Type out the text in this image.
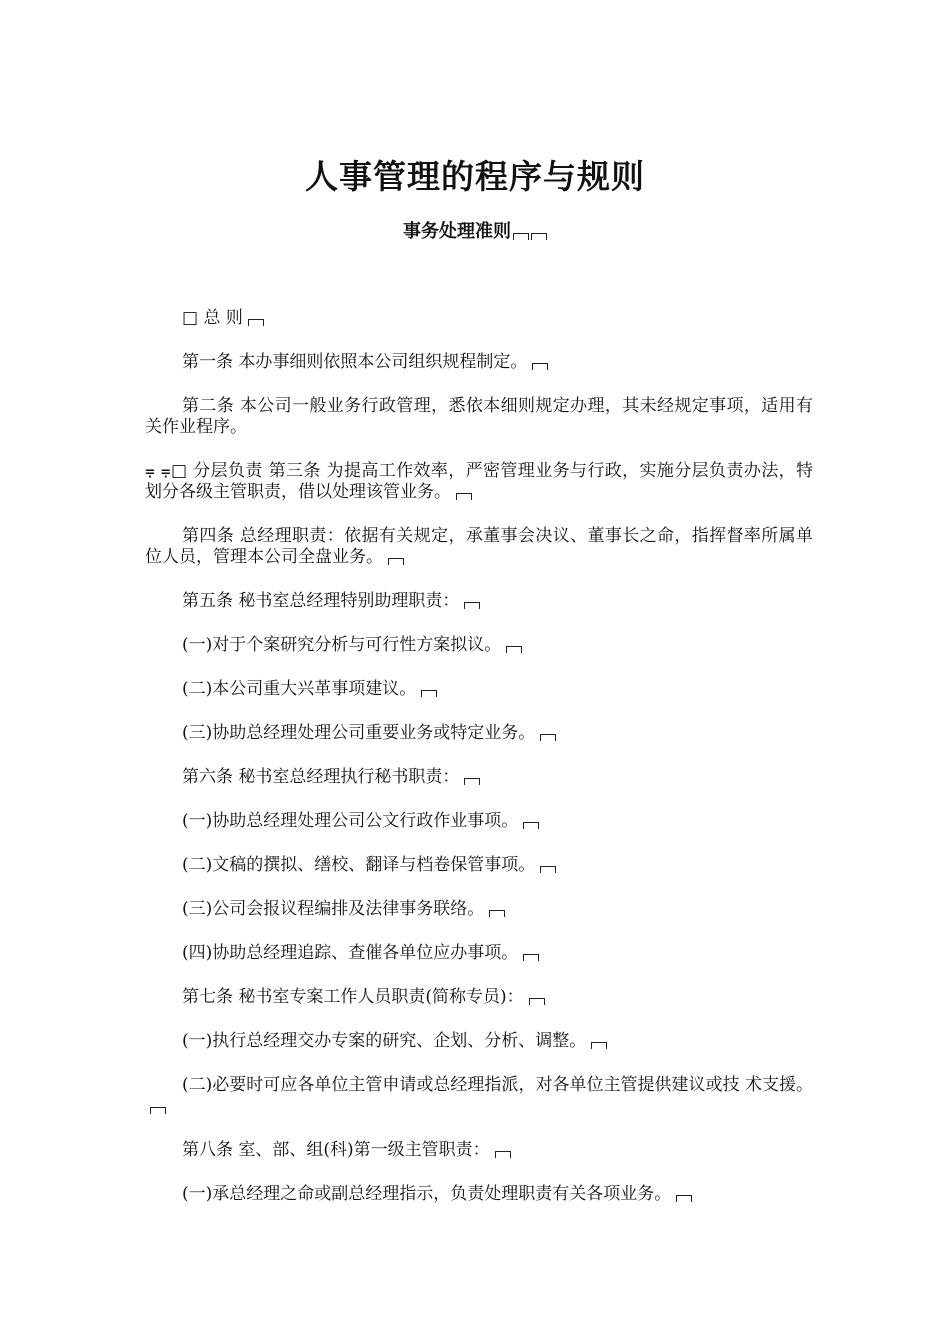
人事管理的程序与规则
事务处理准则

□ 总 则

第一条 本办事细则依照本公司组织规程制定。

第二条 本公司一般业务行政管理，悉依本细则规定办理，其未经规定事项，适用有关作业程序。

⩦ ⩦□ 分层负责 第三条 为提高工作效率，严密管理业务与行政，实施分层负责办法，特 划分各级主管职责，借以处理该管业务。

第四条 总经理职责：依据有关规定，承董事会决议、董事长之命，指挥督率所属单位人员，管理本公司全盘业务。

第五条 秘书室总经理特别助理职责：

(一)对于个案研究分析与可行性方案拟议。

(二)本公司重大兴革事项建议。

(三)协助总经理处理公司重要业务或特定业务。

第六条 秘书室总经理执行秘书职责：

(一)协助总经理处理公司公文行政作业事项。

(二)文稿的撰拟、缮校、翻译与档卷保管事项。

(三)公司会报议程编排及法律事务联络。

(四)协助总经理追踪、查催各单位应办事项。

第七条 秘书室专案工作人员职责(简称专员)：

(一)执行总经理交办专案的研究、企划、分析、调整。

(二)必要时可应各单位主管申请或总经理指派，对各单位主管提供建议或技 术支援。

第八条 室、部、组(科)第一级主管职责：

(一)承总经理之命或副总经理指示，负责处理职责有关各项业务。
